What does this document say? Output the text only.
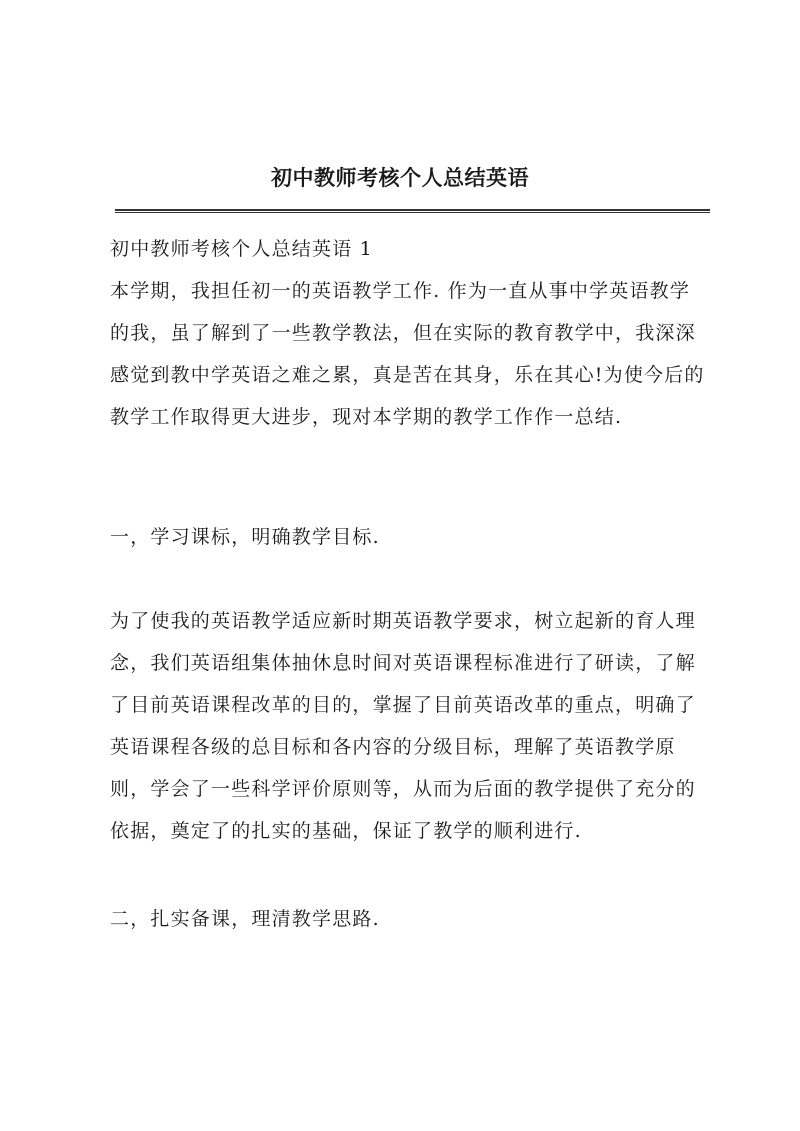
初中教师考核个人总结英语

初中教师考核个人总结英语 1

本学期，我担任初一的英语教学工作. 作为一直从事中学英语教学的我，虽了解到了一些教学教法，但在实际的教育教学中，我深深感觉到教中学英语之难之累，真是苦在其身，乐在其心!为使今后的教学工作取得更大进步，现对本学期的教学工作作一总结.

一，学习课标，明确教学目标.

为了使我的英语教学适应新时期英语教学要求，树立起新的育人理念，我们英语组集体抽休息时间对英语课程标准进行了研读，了解了目前英语课程改革的目的，掌握了目前英语改革的重点，明确了英语课程各级的总目标和各内容的分级目标，理解了英语教学原则，学会了一些科学评价原则等，从而为后面的教学提供了充分的依据，奠定了的扎实的基础，保证了教学的顺利进行.

二，扎实备课，理清教学思路.
